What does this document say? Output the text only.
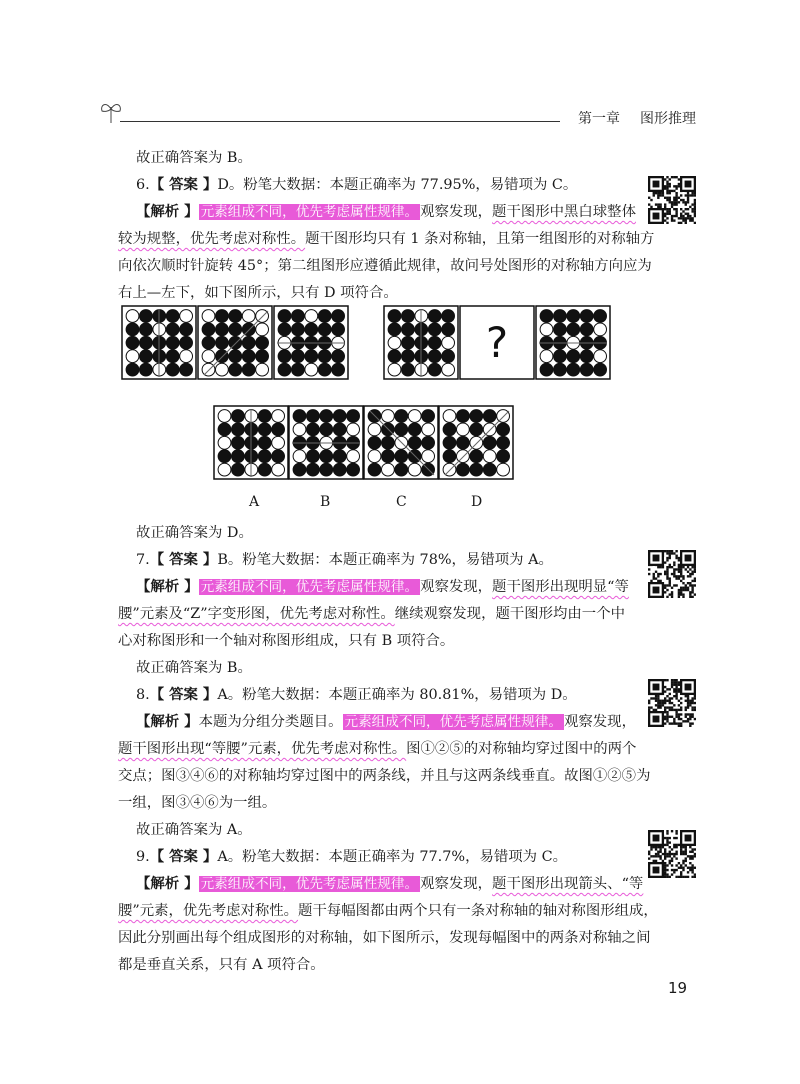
第一章 图形推理
故正确答案为 B。
6.【 答案 】D。粉笔大数据：本题正确率为 77.95%，易错项为 C。
【解析 】 元素组成不同，优先考虑属性规律。 观察发现，题干图形中黑白球整体
较为规整，优先考虑对称性。题干图形均只有 1 条对称轴，且第一组图形的对称轴方
向依次顺时针旋转 45°；第二组图形应遵循此规律，故问号处图形的对称轴方向应为
右上—左下，如下图所示，只有 D 项符合。
?
A	B	C	D
故正确答案为 D。
7.【 答案 】B。粉笔大数据：本题正确率为 78%，易错项为 A。
【解析 】 元素组成不同，优先考虑属性规律。 观察发现，题干图形出现明显“等
腰”元素及“Z”字变形图，优先考虑对称性。继续观察发现，题干图形均由一个中
心对称图形和一个轴对称图形组成，只有 B 项符合。
故正确答案为 B。
8.【 答案 】A。粉笔大数据：本题正确率为 80.81%，易错项为 D。
【解析 】本题为分组分类题目。 元素组成不同，优先考虑属性规律。 观察发现，
题干图形出现“等腰”元素，优先考虑对称性。图①②⑤的对称轴均穿过图中的两个
交点；图③④⑥的对称轴均穿过图中的两条线，并且与这两条线垂直。故图①②⑤为
一组，图③④⑥为一组。
故正确答案为 A。
9.【 答案 】A。粉笔大数据：本题正确率为 77.7%，易错项为 C。
【解析 】 元素组成不同，优先考虑属性规律。 观察发现，题干图形出现箭头、“等
腰”元素，优先考虑对称性。题干每幅图都由两个只有一条对称轴的轴对称图形组成，
因此分别画出每个组成图形的对称轴，如下图所示，发现每幅图中的两条对称轴之间
都是垂直关系，只有 A 项符合。
19
